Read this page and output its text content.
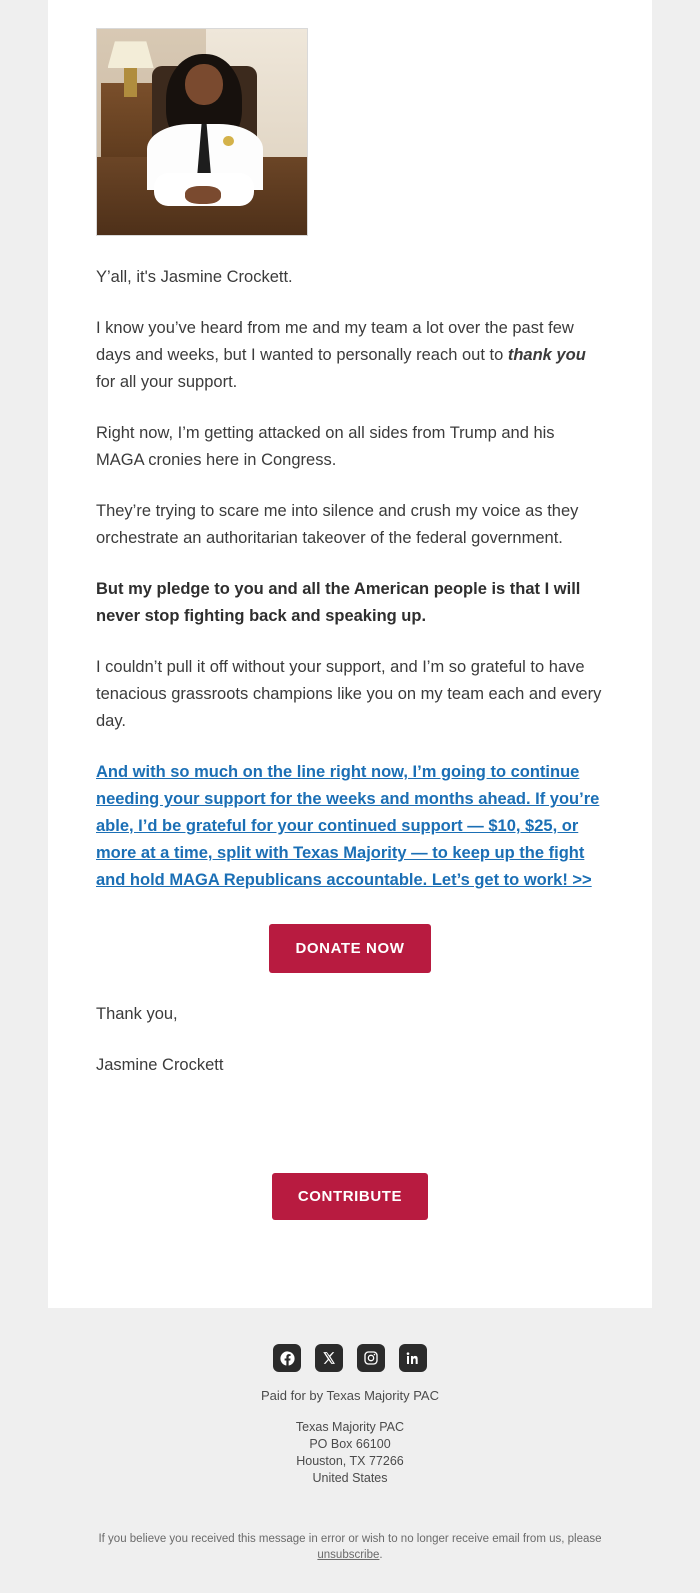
Y’all, it's Jasmine Crockett.

I know you’ve heard from me and my team a lot over the past few days and weeks, but I wanted to personally reach out to thank you for all your support.

Right now, I’m getting attacked on all sides from Trump and his MAGA cronies here in Congress.

They’re trying to scare me into silence and crush my voice as they orchestrate an authoritarian takeover of the federal government.

But my pledge to you and all the American people is that I will never stop fighting back and speaking up.

I couldn’t pull it off without your support, and I’m so grateful to have tenacious grassroots champions like you on my team each and every day.

And with so much on the line right now, I’m going to continue needing your support for the weeks and months ahead. If you’re able, I’d be grateful for your continued support — $10, $25, or more at a time, split with Texas Majority — to keep up the fight and hold MAGA Republicans accountable. Let’s get to work! >>
DONATE NOW

Thank you,

Jasmine Crockett

CONTRIBUTE
Paid for by Texas Majority PAC
Texas Majority PAC
PO Box 66100
Houston, TX 77266
United States
If you believe you received this message in error or wish to no longer receive email from us, please unsubscribe.
